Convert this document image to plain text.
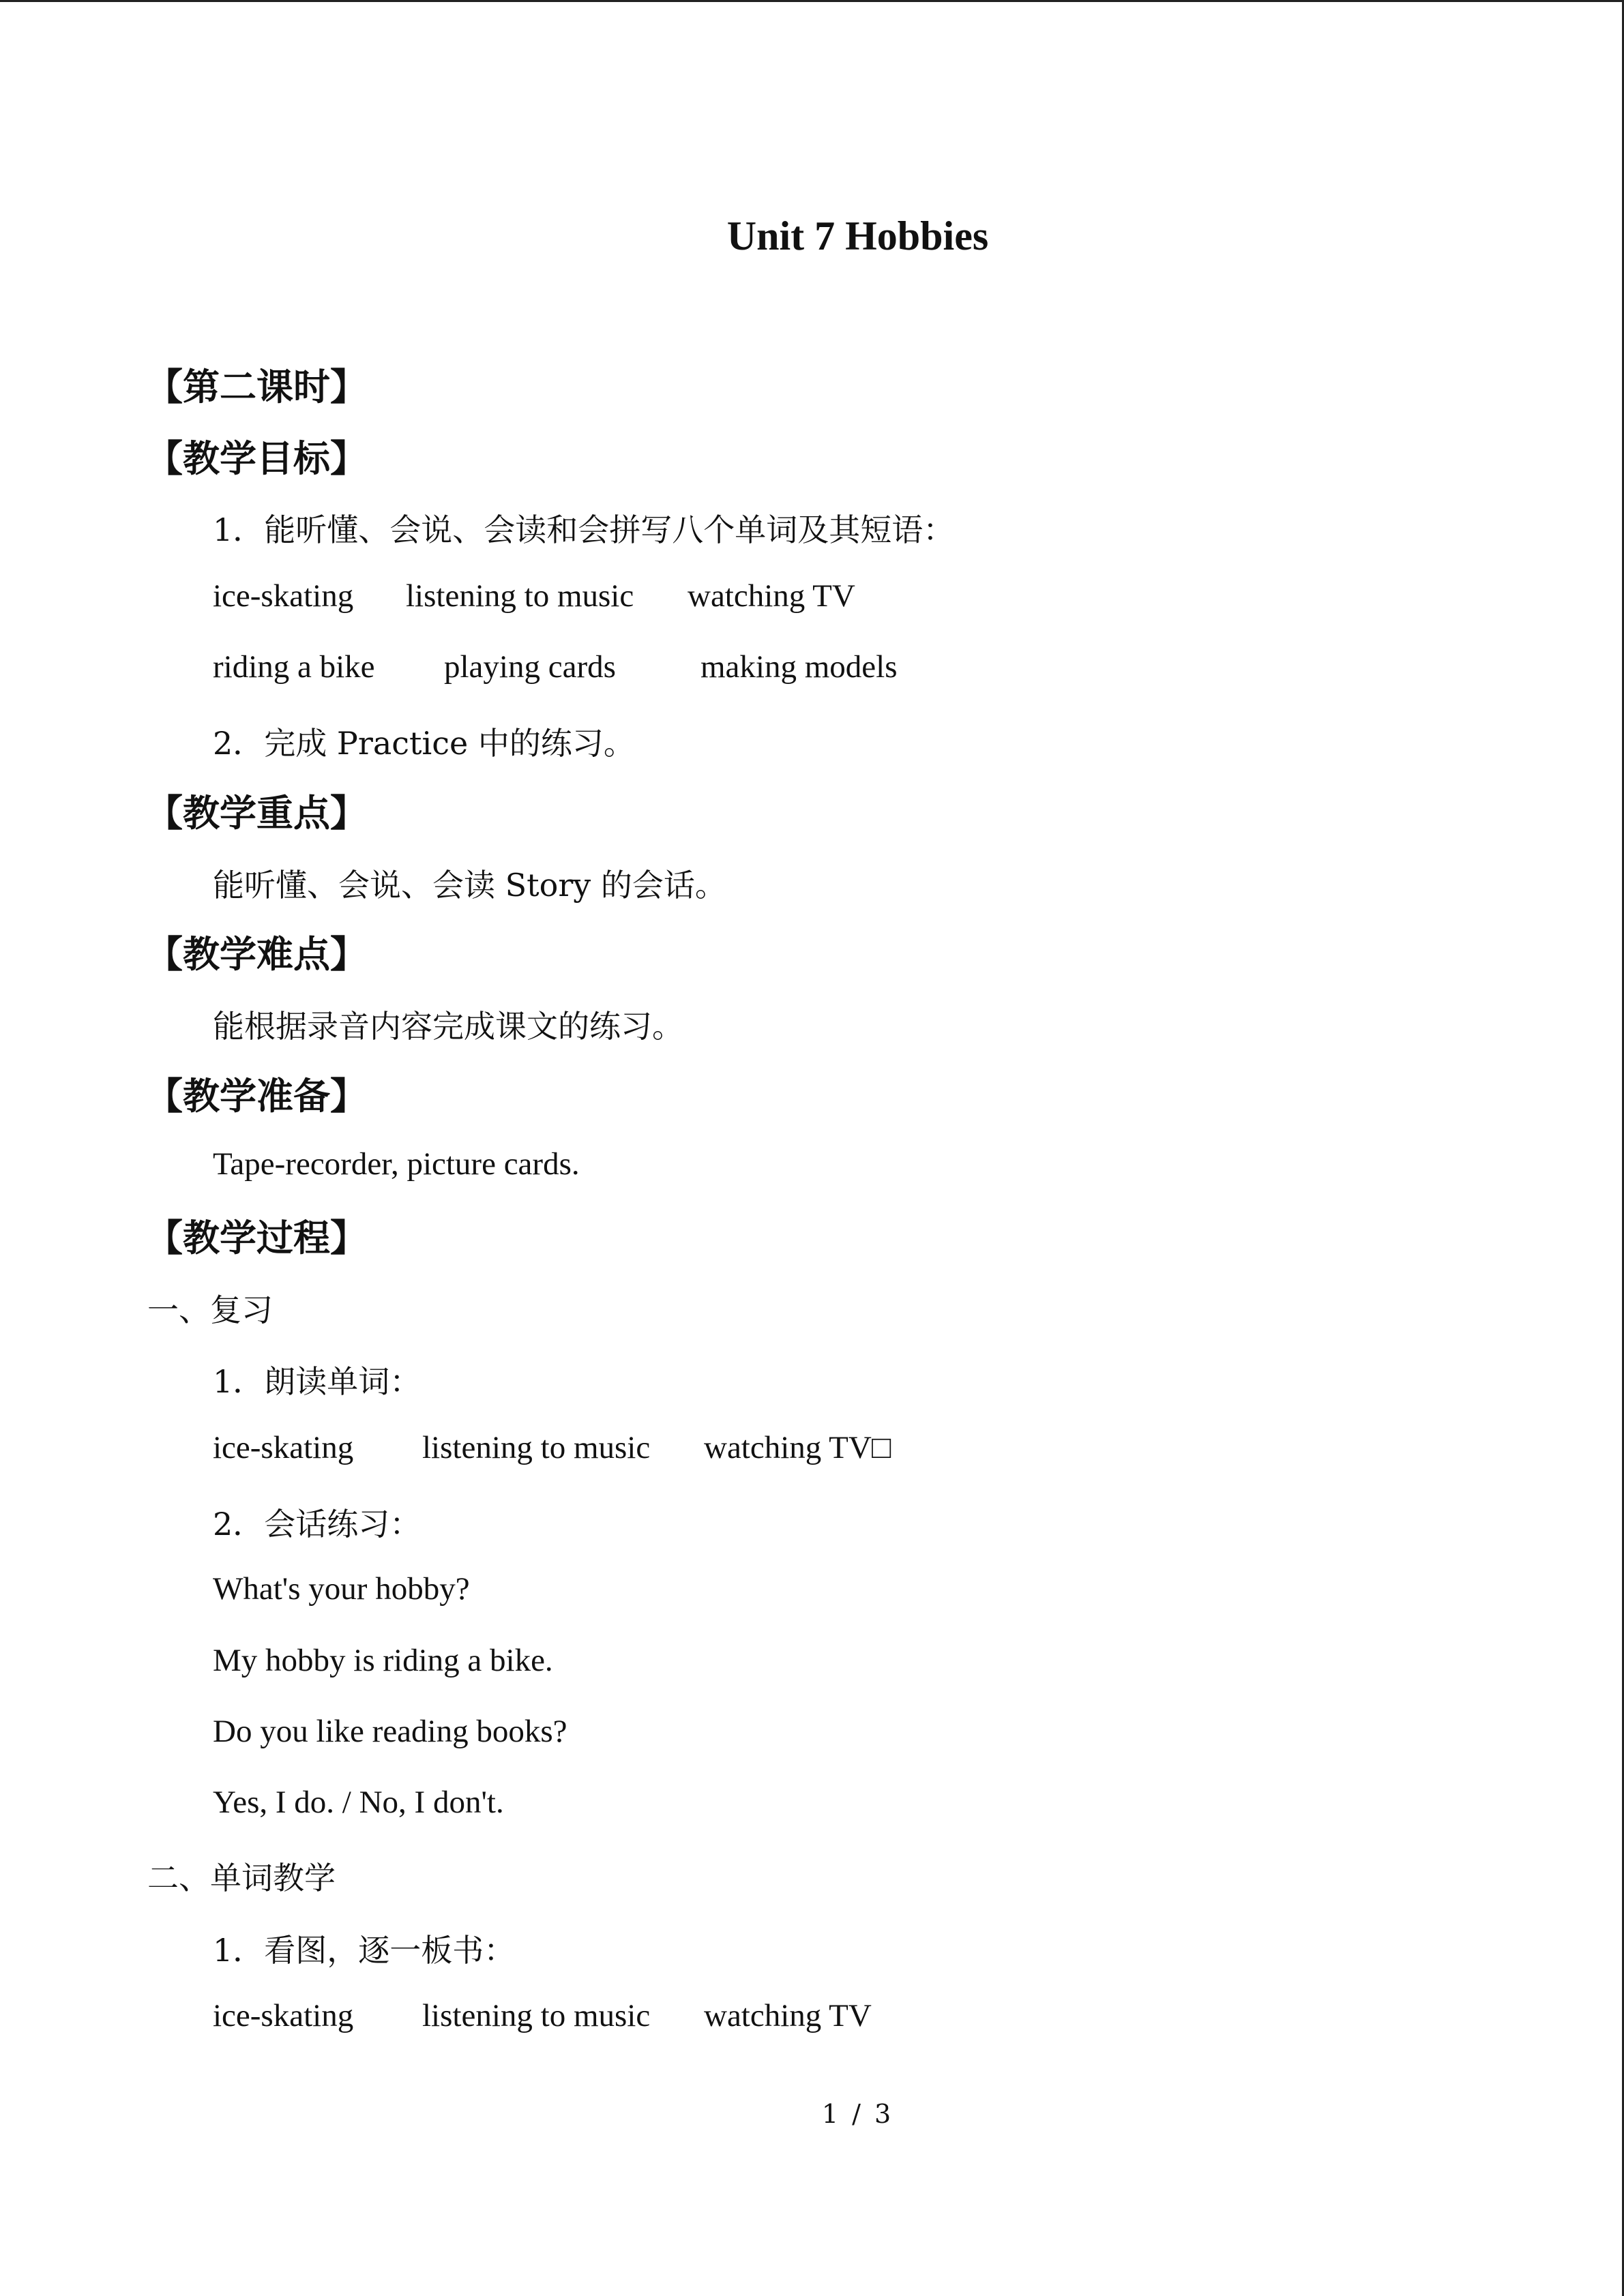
Unit 7 Hobbies
【第二课时】
【教学目标】
1．能听懂、会说、会读和会拼写八个单词及其短语：
ice-skating listening to music watching TV
riding a bike playing cards	making models
2．完成 Practice 中的练习。
【教学重点】
能听懂、会说、会读 Story 的会话。
【教学难点】
能根据录音内容完成课文的练习。
【教学准备】
Tape-recorder, picture cards.
【教学过程】
一、复习
1．朗读单词：
ice-skating listening to music watching TV□
2．会话练习：
What's your hobby?
My hobby is riding a bike.
Do you like reading books?
Yes, I do. / No, I don't.
二、单词教学
1．看图，逐一板书：
ice-skating listening to music watching TV
1 / 3
